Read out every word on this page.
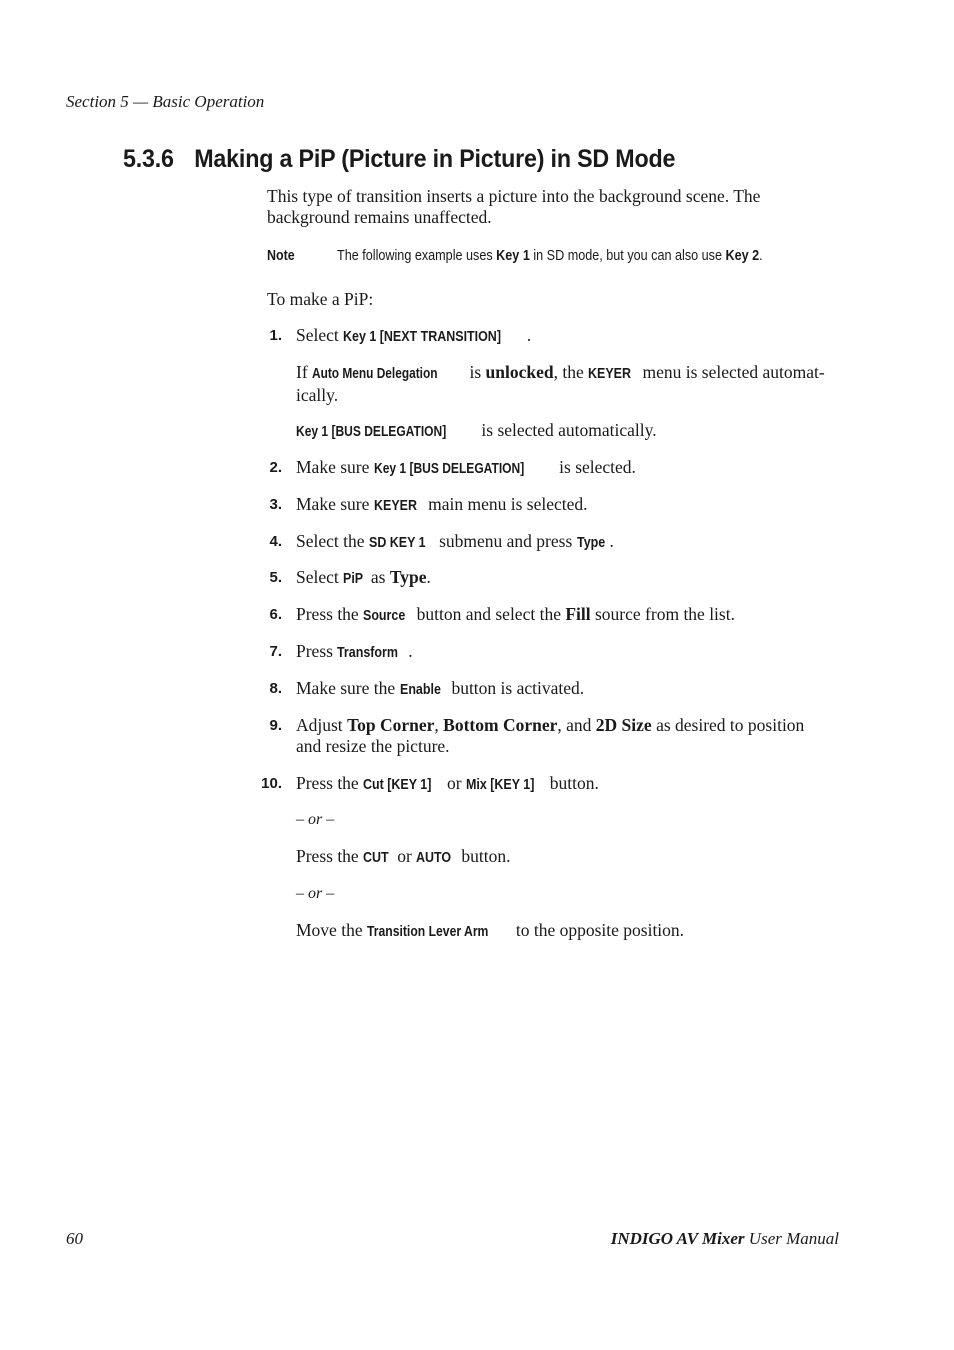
Section 5 — Basic Operation
5.3.6 Making a PiP (Picture in Picture) in SD Mode
This type of transition inserts a picture into the background scene. The background remains unaffected.
Note	The following example uses Key 1 in SD mode, but you can also use Key 2.
To make a PiP:
1. Select Key 1 [NEXT TRANSITION] .
If Auto Menu Delegation is unlocked, the KEYER menu is selected automat-
ically.
Key 1 [BUS DELEGATION] is selected automatically.
2. Make sure Key 1 [BUS DELEGATION] is selected.
3. Make sure KEYER main menu is selected.
4. Select the SD KEY 1 submenu and press Type .
5. Select PiP as Type.
6. Press the Source button and select the Fill source from the list.
7. Press Transform .
8. Make sure the Enable button is activated.
9. Adjust Top Corner, Bottom Corner, and 2D Size as desired to position
and resize the picture.
10. Press the Cut [KEY 1] or Mix [KEY 1] button.
– or –
Press the CUT or AUTO button.
– or –
Move the Transition Lever Arm to the opposite position.
60	INDIGO AV Mixer User Manual
